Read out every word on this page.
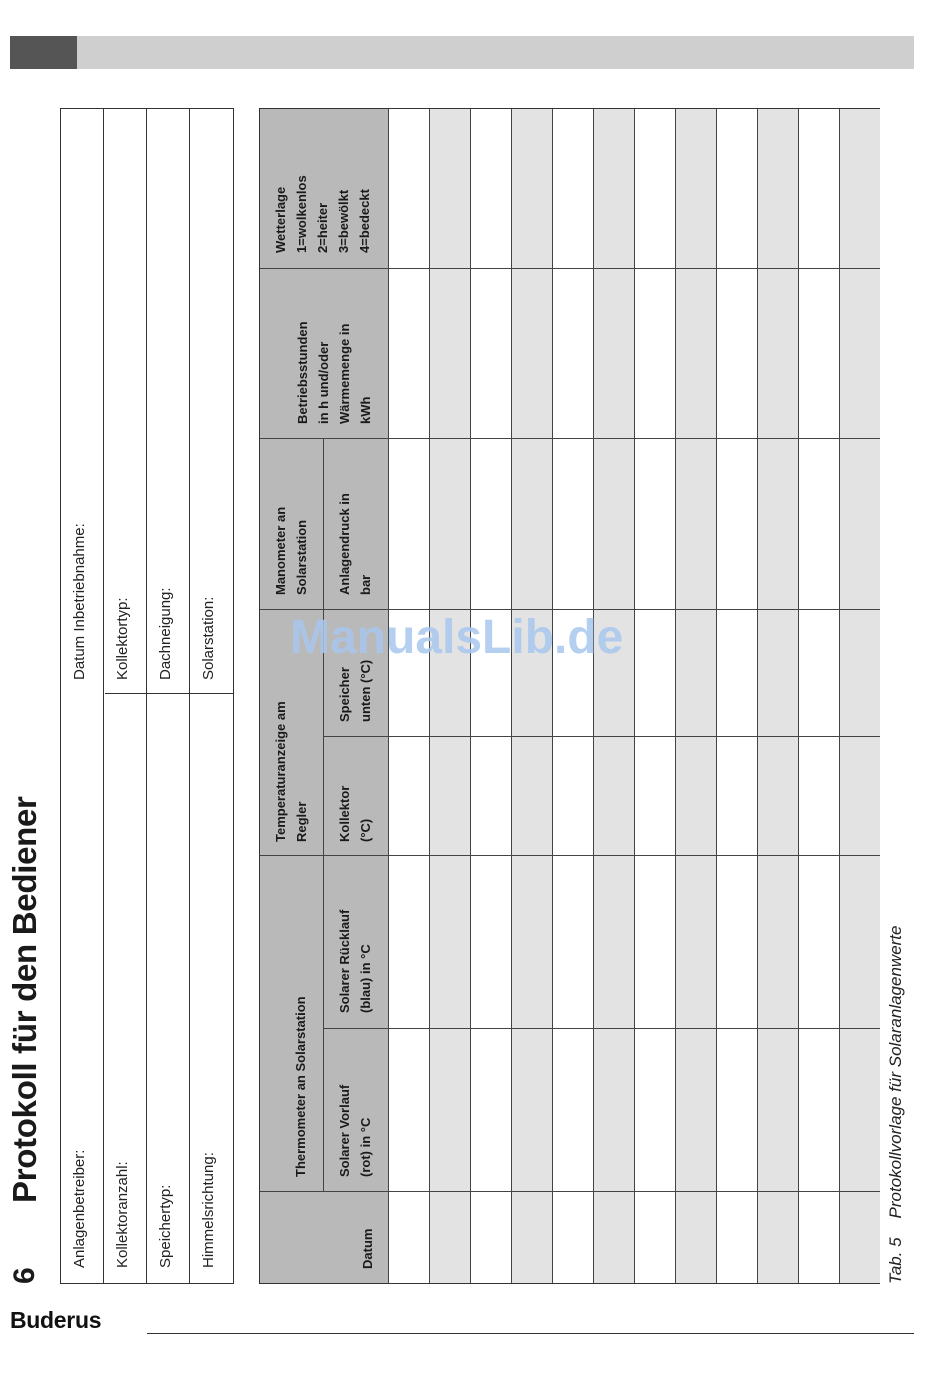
6
Protokoll für den Bediener
Anlagenbetreiber:
Datum Inbetriebnahme:
Kollektoranzahl:
Kollektortyp:
Speichertyp:
Dachneigung:
Himmelsrichtung:
Solarstation:
Datum
Thermometer an Solarstation Solarer Vorlauf (rot) in °C
Solarer Rücklauf (blau) in °C
Temperaturanzeige am Regler Kollektor (°C)
Speicher unten (°C)
Manometer an Solarstation Anlagendruck in bar
Betriebsstunden in h und/oder Wärmemenge in kWh
Wetterlage 1=wolkenlos 2=heiter 3=bewölkt 4=bedeckt
ManualsLib.de
Tab. 5    Protokollvorlage für Solaranlagenwerte
Buderus
